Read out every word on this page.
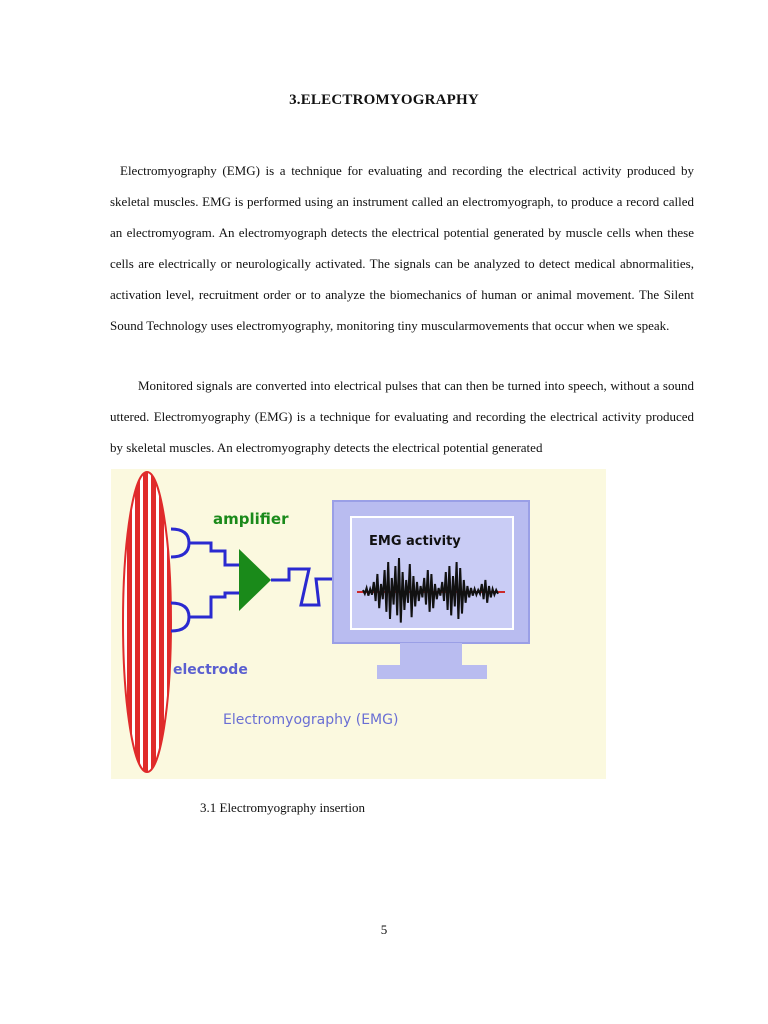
3.ELECTROMYOGRAPHY

Electromyography (EMG) is a technique for evaluating and recording the electrical activity produced by skeletal muscles. EMG is performed using an instrument called an electromyograph, to produce a record called an electromyogram. An electromyograph detects the electrical potential generated by muscle cells when these cells are electrically or neurologically activated. The signals can be analyzed to detect medical abnormalities, activation level, recruitment order or to analyze the biomechanics of human or animal movement. The Silent Sound Technology uses electromyography, monitoring tiny muscularmovements that occur when we speak.

Monitored signals are converted into electrical pulses that can then be turned into speech, without a sound uttered. Electromyography (EMG) is a technique for evaluating and recording the electrical activity produced by skeletal muscles. An electromyography detects the electrical potential generated

amplifier
electrode
EMG activity
Electromyography (EMG)

3.1 Electromyography insertion

5
